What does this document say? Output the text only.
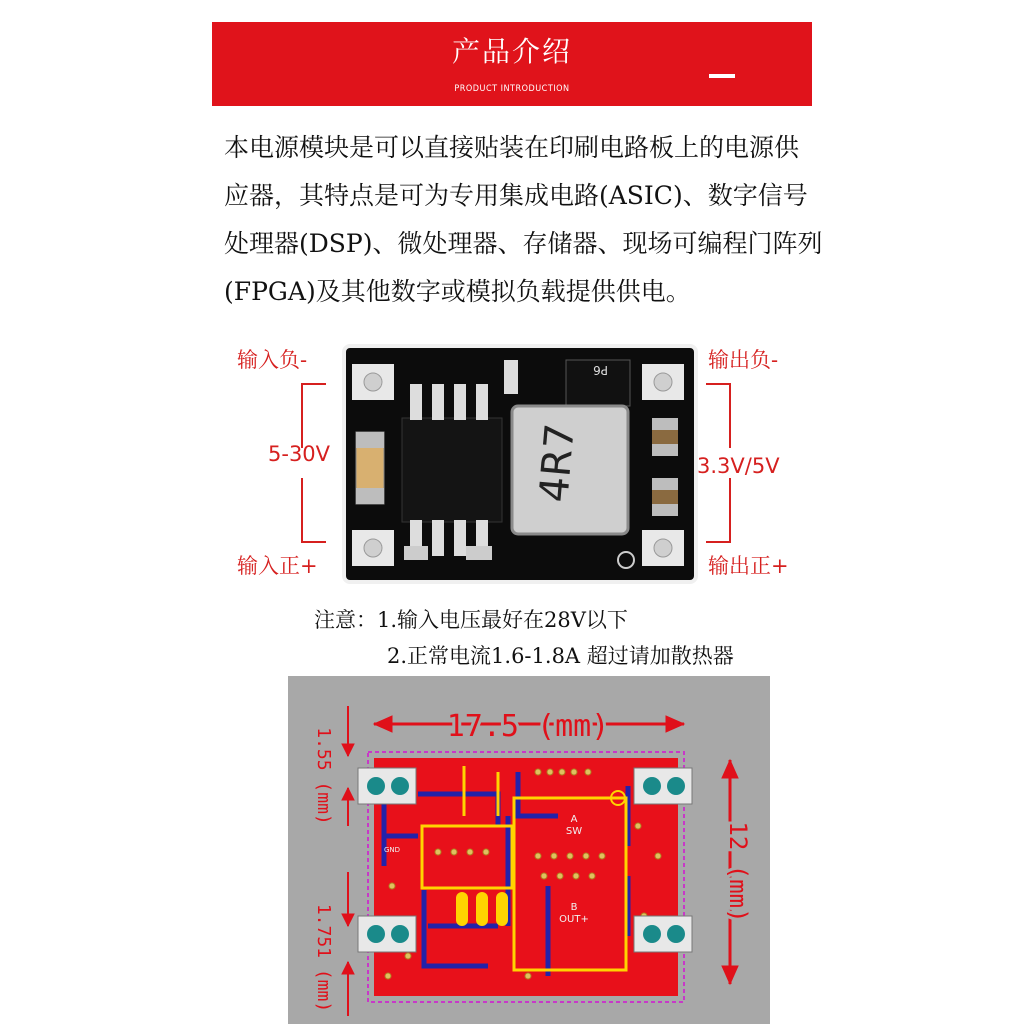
产品介绍
PRODUCT INTRODUCTION
本电源模块是可以直接贴装在印刷电路板上的电源供
应器，其特点是可为专用集成电路(ASIC)、数字信号
处理器(DSP)、微处理器、存储器、现场可编程门阵列
(FPGA)及其他数字或模拟负载提供供电。
P6
4R7
输入负-	输出负-
5-30V	3.3V/5V
输入正+	输出正+
注意：1.输入电压最好在28V以下
2.正常电流1.6-1.8A 超过请加散热器
A SW
B OUT+
GND
17.5 (mm)
12 (mm)
1.55 (mm)
1.751 (mm)
